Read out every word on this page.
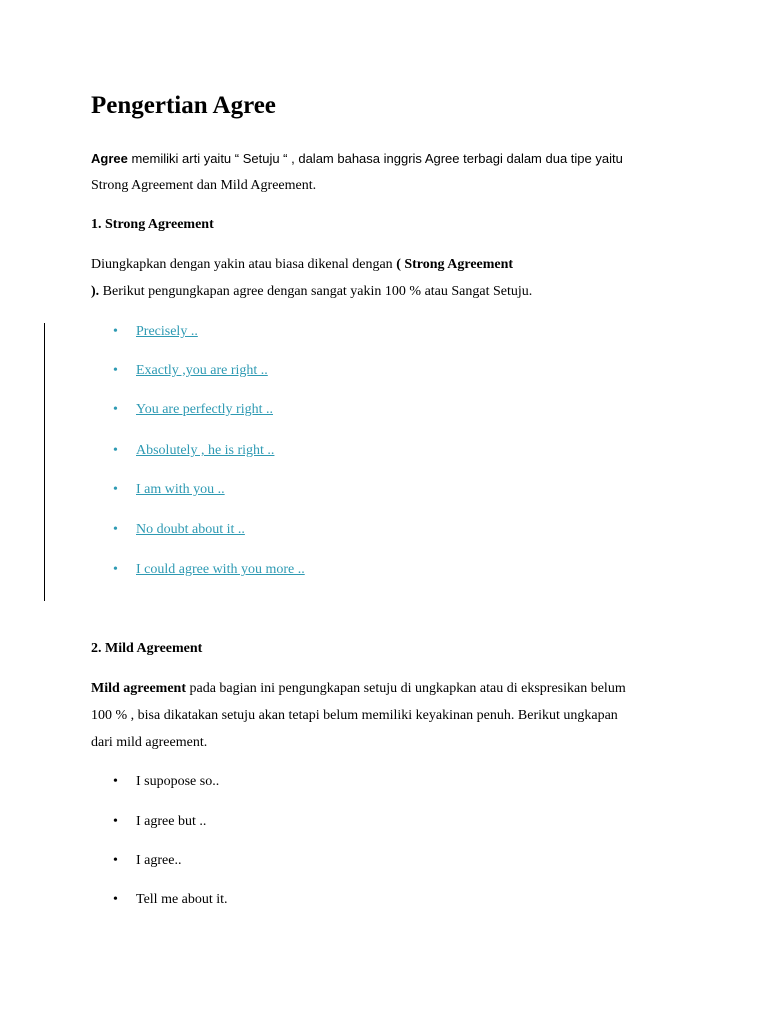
Pengertian Agree

Agree memiliki arti yaitu “ Setuju “ , dalam bahasa inggris Agree terbagi dalam dua tipe yaitu

Strong Agreement dan Mild Agreement.

1. Strong Agreement

Diungkapkan dengan yakin atau biasa dikenal dengan ( Strong Agreement

). Berikut pengungkapan agree dengan sangat yakin 100 % atau Sangat Setuju.

• Precisely ..

• Exactly ,you are right ..

• You are perfectly right ..

• Absolutely , he is right ..

• I am with you ..

• No doubt about it ..

• I could agree with you more ..

2. Mild Agreement

Mild agreement pada bagian ini pengungkapan setuju di ungkapkan atau di ekspresikan belum

100 % , bisa dikatakan setuju akan tetapi belum memiliki keyakinan penuh. Berikut ungkapan

dari mild agreement.

• I supopose so..

• I agree but ..

• I agree..

• Tell me about it.
